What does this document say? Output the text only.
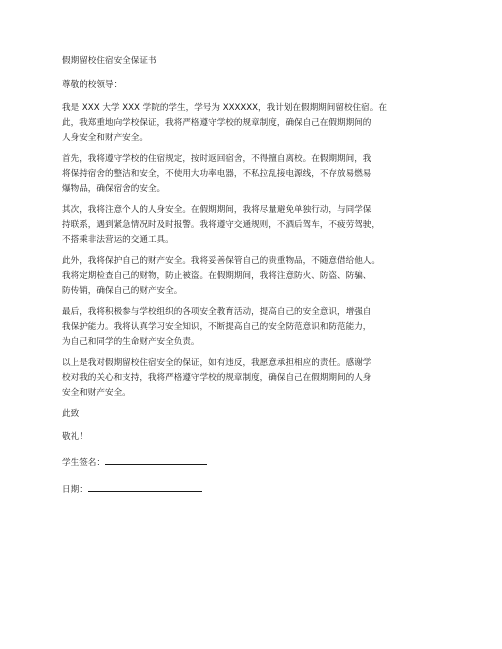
假期留校住宿安全保证书

尊敬的校领导：

我是 XXX 大学 XXX 学院的学生，学号为 XXXXXX，我计划在假期期间留校住宿。在
此，我郑重地向学校保证，我将严格遵守学校的规章制度，确保自己在假期期间的
人身安全和财产安全。

首先，我将遵守学校的住宿规定，按时返回宿舍，不得擅自离校。在假期期间，我
将保持宿舍的整洁和安全，不使用大功率电器，不私拉乱接电源线，不存放易燃易
爆物品，确保宿舍的安全。

其次，我将注意个人的人身安全。在假期期间，我将尽量避免单独行动，与同学保
持联系，遇到紧急情况时及时报警。我将遵守交通规则，不酒后驾车，不疲劳驾驶，
不搭乘非法营运的交通工具。

此外，我将保护自己的财产安全。我将妥善保管自己的贵重物品，不随意借给他人。
我将定期检查自己的财物，防止被盗。在假期期间，我将注意防火、防盗、防骗、
防传销，确保自己的财产安全。

最后，我将积极参与学校组织的各项安全教育活动，提高自己的安全意识，增强自
我保护能力。我将认真学习安全知识，不断提高自己的安全防范意识和防范能力，
为自己和同学的生命财产安全负责。

以上是我对假期留校住宿安全的保证，如有违反，我愿意承担相应的责任。感谢学
校对我的关心和支持，我将严格遵守学校的规章制度，确保自己在假期期间的人身
安全和财产安全。

此致

敬礼！

学生签名：
日期：
